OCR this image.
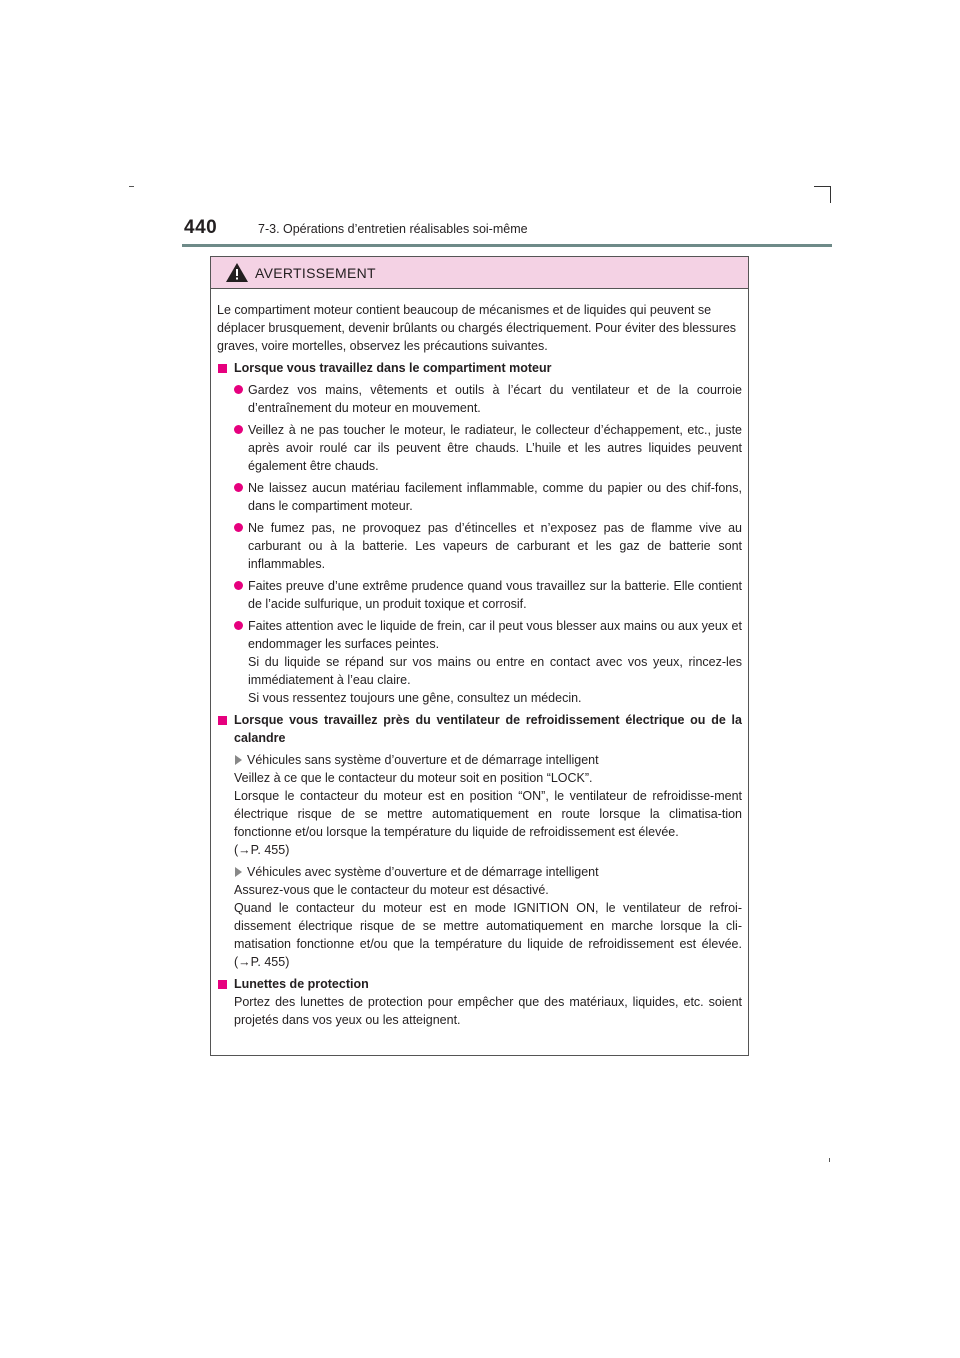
440	7-3. Opérations d’entretien réalisables soi-même
AVERTISSEMENT

Le compartiment moteur contient beaucoup de mécanismes et de liquides qui peuvent se déplacer brusquement, devenir brûlants ou chargés électriquement. Pour éviter des blessures graves, voire mortelles, observez les précautions suivantes.

Lorsque vous travaillez dans le compartiment moteur

Gardez vos mains, vêtements et outils à l’écart du ventilateur et de la courroie d’entraînement du moteur en mouvement.

Veillez à ne pas toucher le moteur, le radiateur, le collecteur d’échappement, etc., juste après avoir roulé car ils peuvent être chauds. L’huile et les autres liquides peuvent également être chauds.

Ne laissez aucun matériau facilement inflammable, comme du papier ou des chif-fons, dans le compartiment moteur.

Ne fumez pas, ne provoquez pas d’étincelles et n’exposez pas de flamme vive au carburant ou à la batterie. Les vapeurs de carburant et les gaz de batterie sont inflammables.

Faites preuve d’une extrême prudence quand vous travaillez sur la batterie. Elle contient de l’acide sulfurique, un produit toxique et corrosif.

Faites attention avec le liquide de frein, car il peut vous blesser aux mains ou aux yeux et endommager les surfaces peintes.

Si du liquide se répand sur vos mains ou entre en contact avec vos yeux, rincez-les immédiatement à l’eau claire.

Si vous ressentez toujours une gêne, consultez un médecin.

Lorsque vous travaillez près du ventilateur de refroidissement électrique ou de la calandre

Véhicules sans système d’ouverture et de démarrage intelligent

Veillez à ce que le contacteur du moteur soit en position “LOCK”.

Lorsque le contacteur du moteur est en position “ON”, le ventilateur de refroidisse-ment électrique risque de se mettre automatiquement en route lorsque la climatisa-tion fonctionne et/ou lorsque la température du liquide de refroidissement est élevée.

(→P. 455)

Véhicules avec système d’ouverture et de démarrage intelligent

Assurez-vous que le contacteur du moteur est désactivé.

Quand le contacteur du moteur est en mode IGNITION ON, le ventilateur de refroi-dissement électrique risque de se mettre automatiquement en marche lorsque la cli-matisation fonctionne et/ou que la température du liquide de refroidissement est élevée. (→P. 455)

Lunettes de protection

Portez des lunettes de protection pour empêcher que des matériaux, liquides, etc. soient projetés dans vos yeux ou les atteignent.
